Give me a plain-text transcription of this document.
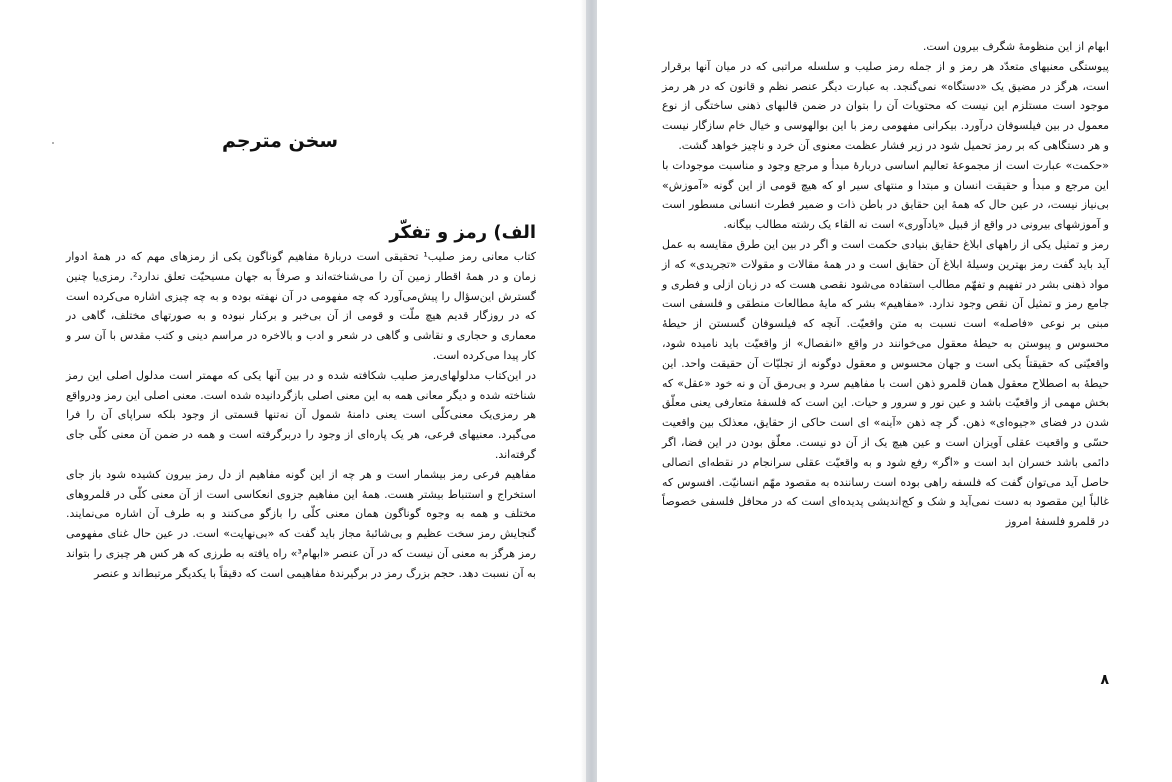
سخن مترجم
الف) رمز و تفکّر

کتاب معانی رمز صلیب¹ تحقیقی است دربارهٔ مفاهیم گوناگون یکی از رمزهای مهم که در همهٔ ادوار زمان و در همهٔ اقطار زمین آن را می‌شناخته‌اند و صرفاً به جهان مسیحیّت تعلق ندارد². رمزی‌یا چنین گسترش این‌سؤال را پیش‌می‌آورد که چه مفهومی در آن نهفته بوده و به چه چیزی اشاره می‌کرده است که در روزگار قدیم هیچ ملّت و قومی از آن بی‌خبر و برکنار نبوده و به صورتهای مختلف، گاهی در معماری و حجاری و نقاشی و گاهی در شعر و ادب و بالاخره در مراسم دینی و کتب مقدس با آن سر و کار پیدا می‌کرده است.

در این‌کتاب مدلولهای‌رمز صلیب شکافته شده و در بین آنها یکی که مهمتر است مدلول اصلی این رمز شناخته شده و دیگر معانی همه به این معنی اصلی بازگردانیده شده است. معنی اصلی این رمز ودرواقع هر رمزی‌یک معنی‌کلّی است یعنی دامنهٔ شمول آن نه‌تنها قسمتی از وجود بلکه سراپای آن را فرا می‌گیرد. معنیهای فرعی، هر یک پاره‌ای از وجود را دربرگرفته است و همه در ضمن آن معنی کلّی جای گرفته‌اند.

مفاهیم فرعی رمز بیشمار است و هر چه از این گونه مفاهیم از دل رمز بیرون کشیده شود باز جای استخراج و استنباط بیشتر هست. همهٔ این مفاهیم جزوی انعکاسی است از آن معنی کلّی در قلمروهای مختلف و همه به وجوه گوناگون همان معنی کلّی را بازگو می‌کنند و به طرف آن اشاره می‌نمایند. گنجایش رمز سخت عظیم و بی‌شائبهٔ مجاز باید گفت که «بی‌نهایت» است. در عین حال غنای مفهومی رمز هرگز به معنی آن نیست که در آن عنصر «ابهام³» راه یافته به طرزی که هر کس هر چیزی را بتواند به آن نسبت دهد. حجم بزرگ رمز در برگیرندهٔ مفاهیمی است که دقیقاً با یکدیگر مرتبط‌اند و عنصر

ابهام از این منظومهٔ شگرف بیرون است.

پیوستگی معنیهای متعدّد هر رمز و از جمله رمز صلیب و سلسله مراتبی که در میان آنها برقرار است، هرگز در مضیق یک «دستگاه» نمی‌گنجد. به عبارت دیگر عنصر نظم و قانون که در هر رمز موجود است مستلزم این نیست که محتویات آن را بتوان در ضمن قالبهای ذهنی ساختگی از نوع معمول در بین فیلسوفان درآورد. بیکرانی مفهومی رمز با این بوالهوسی و خیال خام سازگار نیست و هر دستگاهی که بر رمز تحمیل شود در زیر فشار عظمت معنوی آن خرد و ناچیز خواهد گشت.

«حکمت» عبارت است از مجموعهٔ تعالیم اساسی دربارهٔ مبدأ و مرجع وجود و مناسبت موجودات با این مرجع و مبدأ و حقیقت انسان و مبتدا و منتهای سیر او که هیچ قومی از این گونه «آموزش» بی‌نیاز نیست، در عین حال که همهٔ این حقایق در باطن ذات و ضمیر فطرت انسانی مسطور است و آموزشهای بیرونی در واقع از قبیل «یادآوری» است نه القاء یک رشته مطالب بیگانه.

رمز و تمثیل یکی از راههای ابلاغ حقایق بنیادی حکمت است و اگر در بین این طرق مقایسه به عمل آید باید گفت رمز بهترین وسیلهٔ ابلاغ آن حقایق است و در همهٔ مقالات و مقولات «تجریدی» که از مواد ذهنی بشر در تفهیم و تفهّم مطالب استفاده می‌شود نقصی هست که در زبان ازلی و فطری و جامع رمز و تمثیل آن نقص وجود ندارد. «مفاهیم» بشر که مایهٔ مطالعات منطقی و فلسفی است مبنی بر نوعی «فاصله» است نسبت به متن واقعیّت. آنچه که فیلسوفان گسستن از حیطهٔ محسوس و پیوستن به حیطهٔ معقول می‌خوانند در واقع «انفصال» از واقعیّت باید نامیده شود، واقعیّتی که حقیقتاً یکی است و جهان محسوس و معقول دوگونه از تجلیّات آن حقیقت واحد. این حیطهٔ به اصطلاح معقول همان قلمرو ذهن است با مفاهیم سرد و بی‌رمق آن و نه خود «عقل» که بخش مهمی از واقعیّت باشد و عین نور و سرور و حیات. این است که فلسفهٔ متعارفی یعنی معلّق شدن در فضای «جیوه‌ای» ذهن. گر چه ذهن «آینه» ای است حاکی از حقایق، معذلک بین واقعیت حسّی و واقعیت عقلی آویزان است و عین هیچ یک از آن دو نیست. معلّق بودن در این فضا، اگر دائمی باشد خسران ابد است و «اگر» رفع شود و به واقعیّت عقلی سرانجام در نقطه‌ای اتصالی حاصل آید می‌توان گفت که فلسفه راهی بوده است رساننده به مقصود مهّم انسانیّت. افسوس که غالباً این مقصود به دست نمی‌آید و شک و کج‌اندیشی پدیده‌ای است که در محافل فلسفی خصوصاً در قلمرو فلسفهٔ امروز

۸
